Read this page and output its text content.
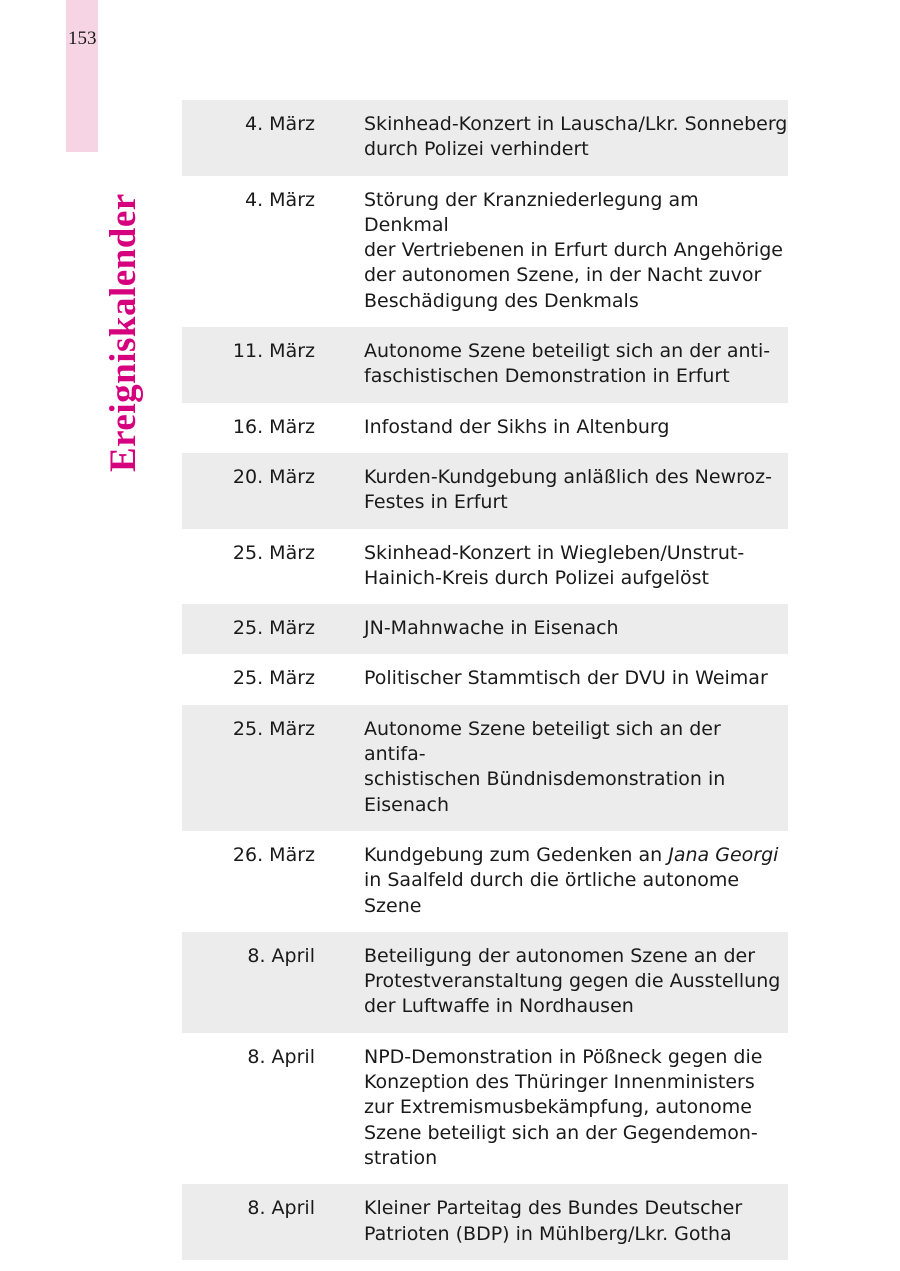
153
Ereigniskalender
4. März	Skinhead-Konzert in Lauscha/Lkr. Sonneberg
durch Polizei verhindert
4. März	Störung der Kranzniederlegung am Denkmal
der Vertriebenen in Erfurt durch Angehörige
der autonomen Szene, in der Nacht zuvor
Beschädigung des Denkmals
11. März	Autonome Szene beteiligt sich an der anti-
faschistischen Demonstration in Erfurt
16. März	Infostand der Sikhs in Altenburg
20. März	Kurden-Kundgebung anläßlich des Newroz-
Festes in Erfurt
25. März	Skinhead-Konzert in Wiegleben/Unstrut-
Hainich-Kreis durch Polizei aufgelöst
25. März	JN-Mahnwache in Eisenach
25. März	Politischer Stammtisch der DVU in Weimar
25. März	Autonome Szene beteiligt sich an der antifa-
schistischen Bündnisdemonstration in Eisenach
26. März	Kundgebung zum Gedenken an Jana Georgi
in Saalfeld durch die örtliche autonome Szene
8. April	Beteiligung der autonomen Szene an der
Protestveranstaltung gegen die Ausstellung
der Luftwaffe in Nordhausen
8. April	NPD-Demonstration in Pößneck gegen die
Konzeption des Thüringer Innenministers
zur Extremismusbekämpfung, autonome
Szene beteiligt sich an der Gegendemon-
stration
8. April	Kleiner Parteitag des Bundes Deutscher
Patrioten (BDP) in Mühlberg/Lkr. Gotha
